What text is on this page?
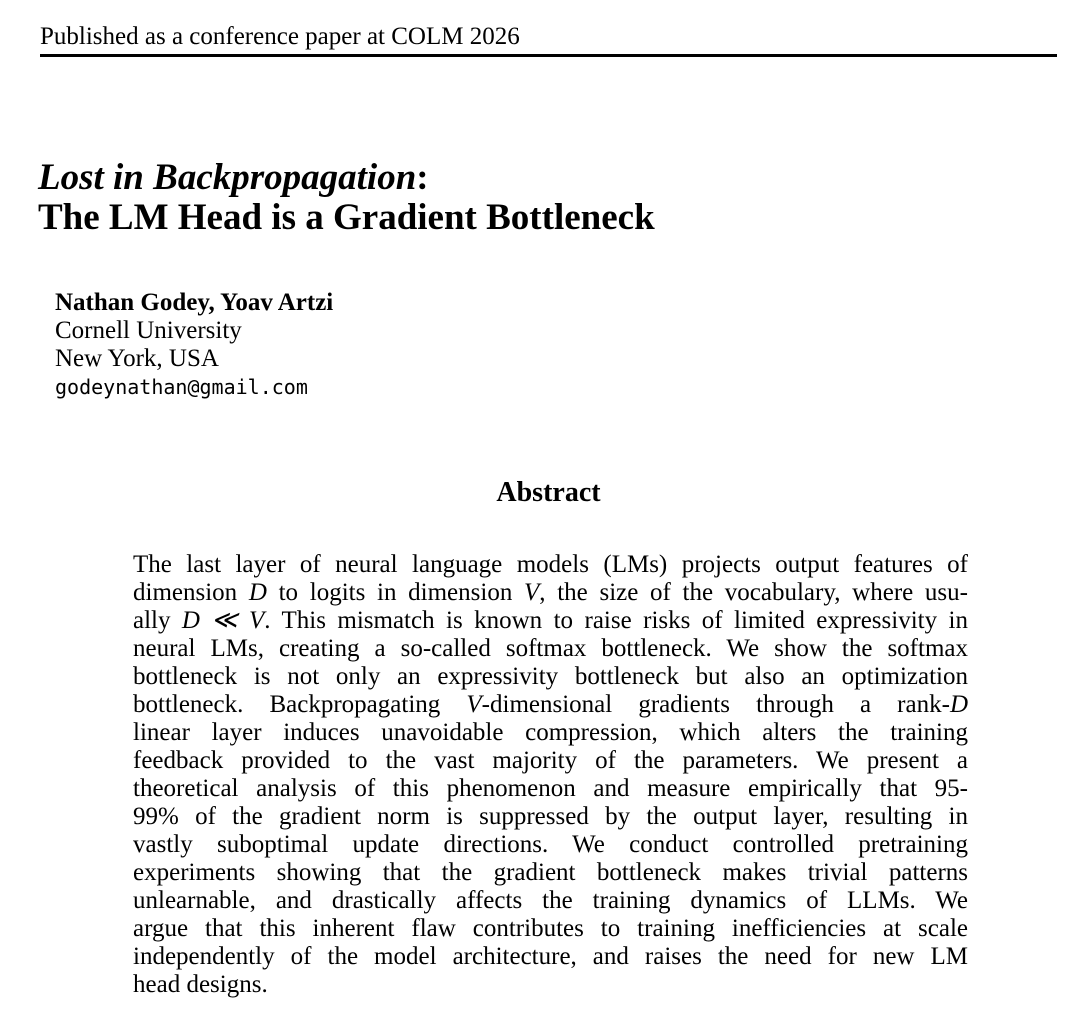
Published as a conference paper at COLM 2026
Lost in Backpropagation:
The LM Head is a Gradient Bottleneck
Nathan Godey, Yoav Artzi
Cornell University
New York, USA
godeynathan@gmail.com
Abstract
The last layer of neural language models (LMs) projects output features of
dimension D to logits in dimension V, the size of the vocabulary, where usu-
ally D ≪ V. This mismatch is known to raise risks of limited expressivity in
neural LMs, creating a so-called softmax bottleneck. We show the softmax
bottleneck is not only an expressivity bottleneck but also an optimization
bottleneck. Backpropagating V-dimensional gradients through a rank-D
linear layer induces unavoidable compression, which alters the training
feedback provided to the vast majority of the parameters. We present a
theoretical analysis of this phenomenon and measure empirically that 95-
99% of the gradient norm is suppressed by the output layer, resulting in
vastly suboptimal update directions. We conduct controlled pretraining
experiments showing that the gradient bottleneck makes trivial patterns
unlearnable, and drastically affects the training dynamics of LLMs. We
argue that this inherent flaw contributes to training inefficiencies at scale
independently of the model architecture, and raises the need for new LM
head designs.
